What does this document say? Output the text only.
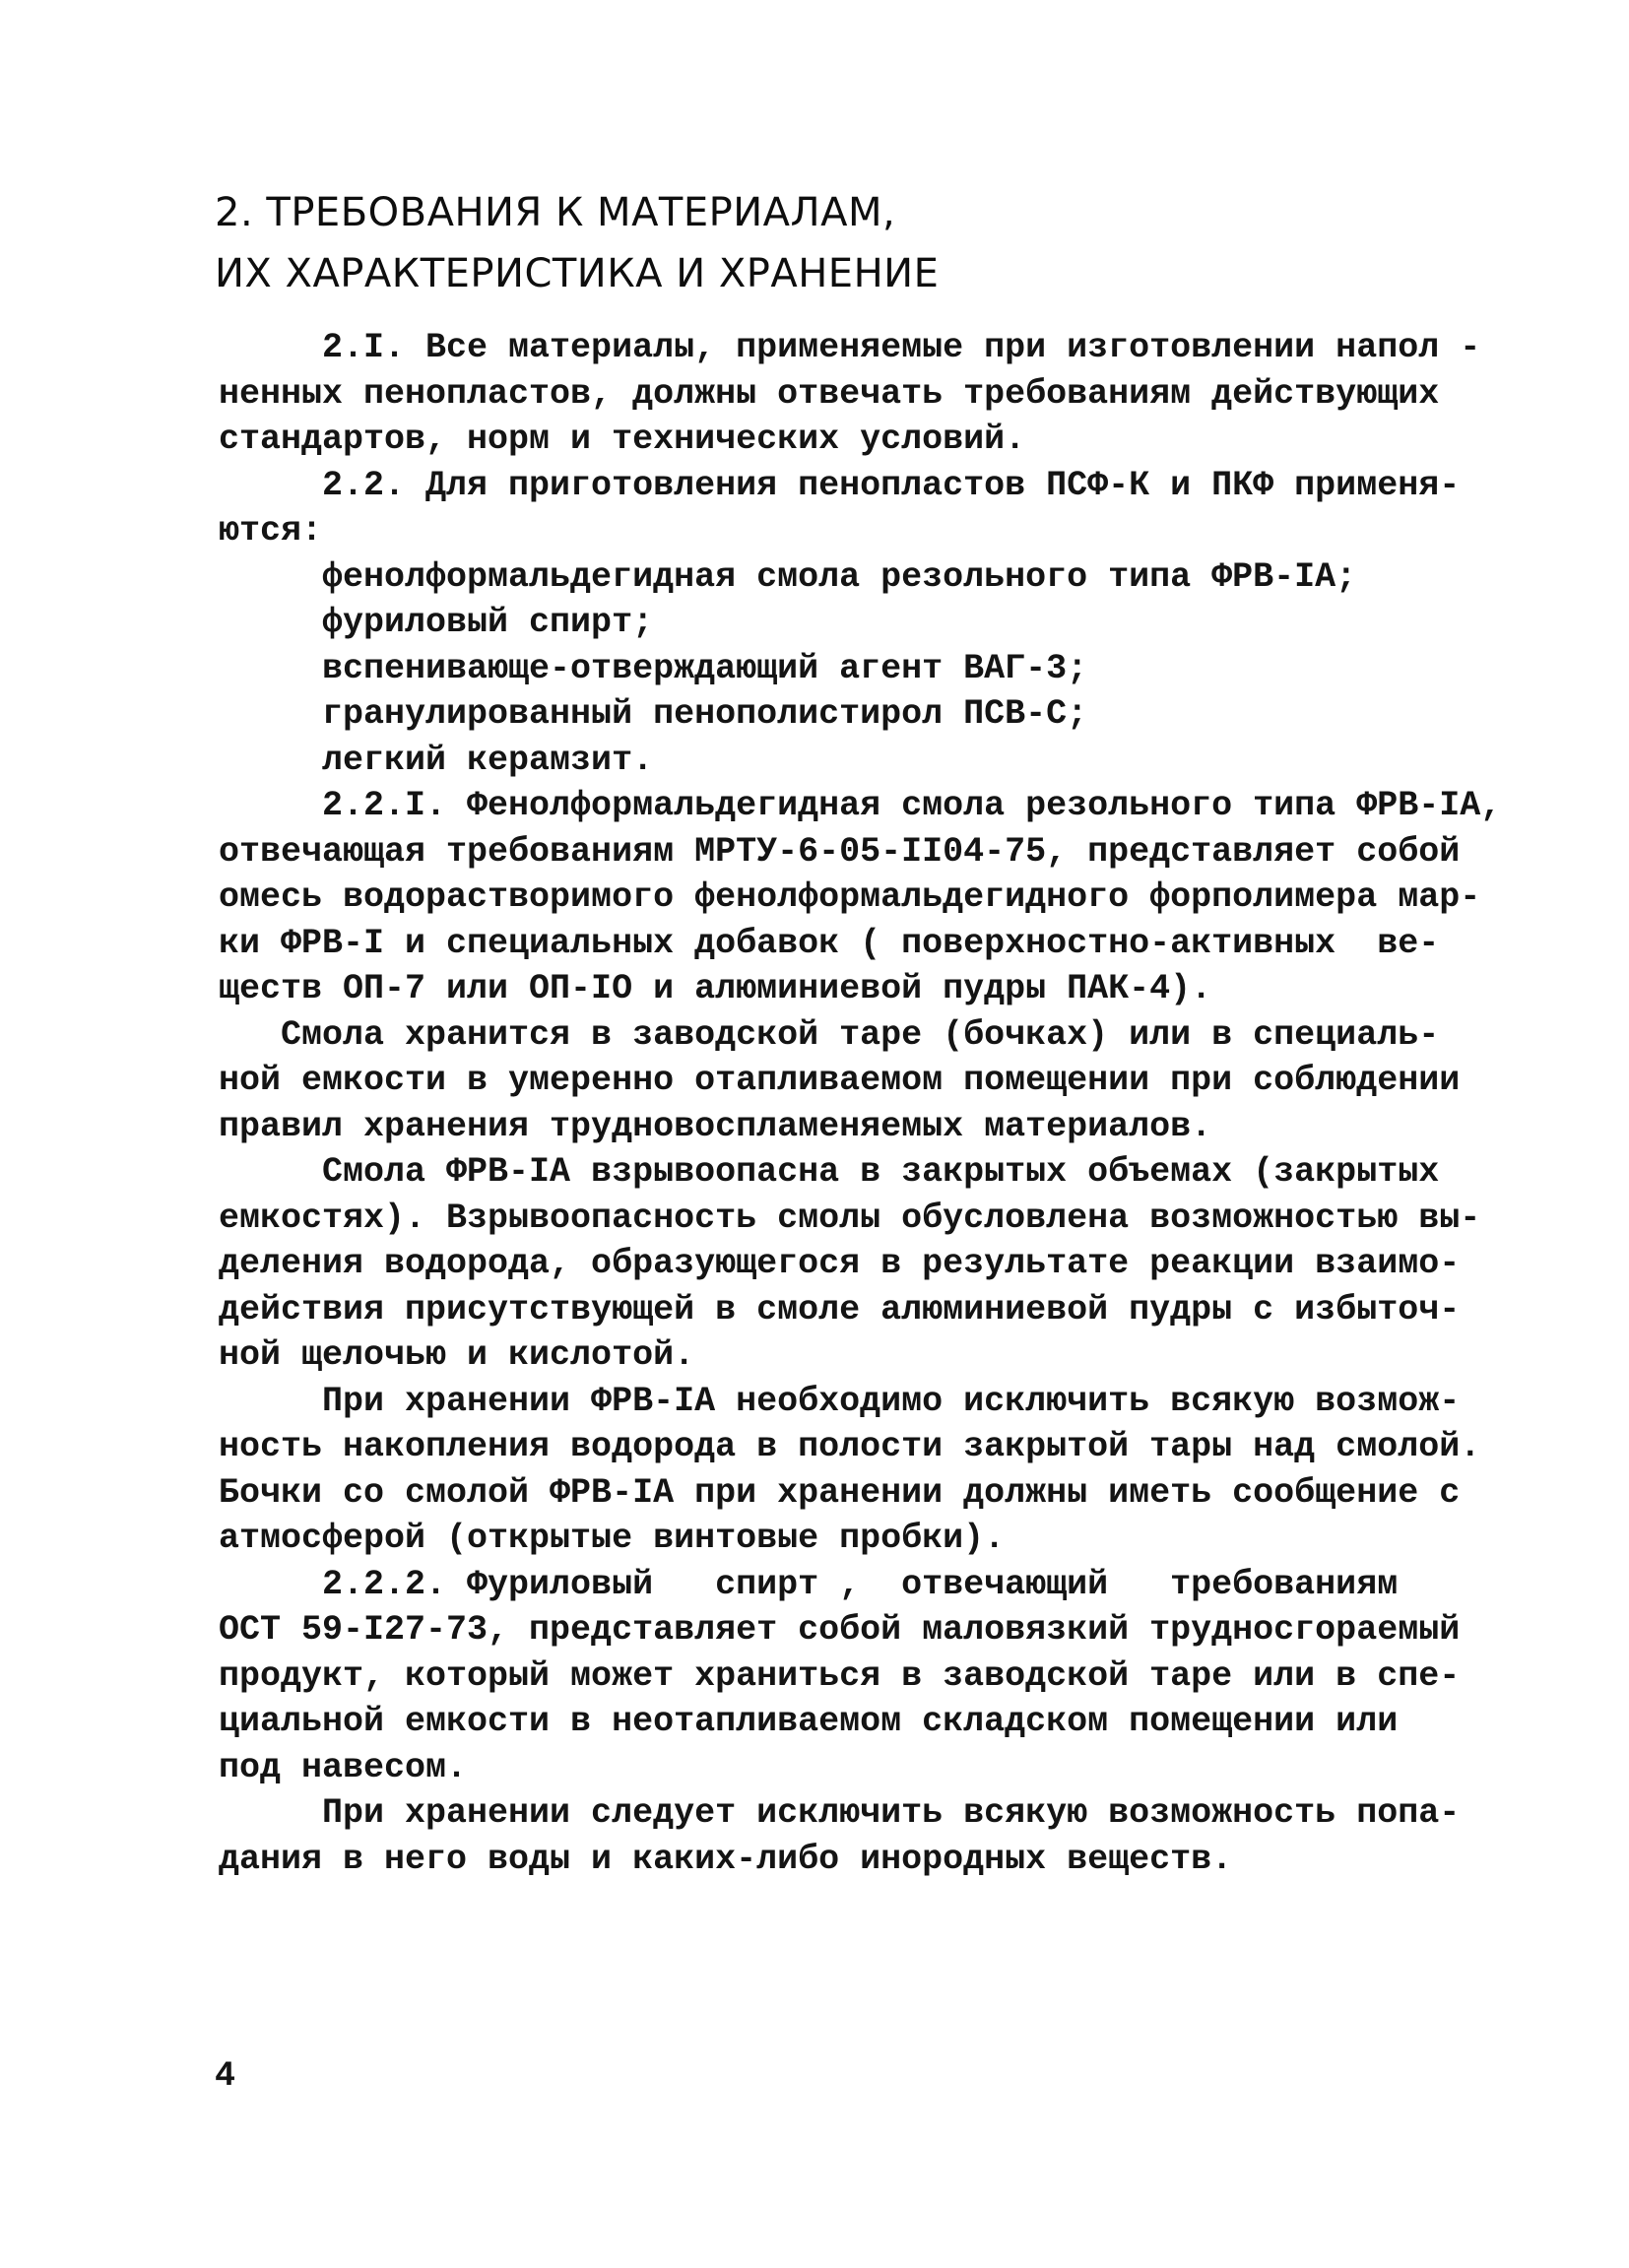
2. ТРЕБОВАНИЯ К МАТЕРИАЛАМ,
ИХ ХАРАКТЕРИСТИКА И ХРАНЕНИЕ
2.I. Все материалы, применяемые при изготовлении напол -
ненных пенопластов, должны отвечать требованиям действующих
стандартов, норм и технических условий.
2.2. Для приготовления пенопластов ПСФ-К и ПКФ применя-
ются:
фенолформальдегидная смола резольного типа ФРВ-IА;
фуриловый спирт;
вспенивающе-отверждающий агент ВАГ-3;
гранулированный пенополистирол ПСВ-С;
легкий керамзит.
2.2.I. Фенолформальдегидная смола резольного типа ФРВ-IА,
отвечающая требованиям МРТУ-6-05-II04-75, представляет собой
омесь водорастворимого фенолформальдегидного форполимера мар-
ки ФРВ-I и специальных добавок ( поверхностно-активных  ве-
ществ ОП-7 или ОП-IО и алюминиевой пудры ПАК-4).
Смола хранится в заводской таре (бочках) или в специаль-
ной емкости в умеренно отапливаемом помещении при соблюдении
правил хранения трудновоспламеняемых материалов.
Смола ФРВ-IА взрывоопасна в закрытых объемах (закрытых
емкостях). Взрывоопасность смолы обусловлена возможностью вы-
деления водорода, образующегося в результате реакции взаимо-
действия присутствующей в смоле алюминиевой пудры с избыточ-
ной щелочью и кислотой.
При хранении ФРВ-IА необходимо исключить всякую возмож-
ность накопления водорода в полости закрытой тары над смолой.
Бочки со смолой ФРВ-IА при хранении должны иметь сообщение с
атмосферой (открытые винтовые пробки).
2.2.2. Фуриловый   спирт ,  отвечающий   требованиям
ОСТ 59-I27-73, представляет собой маловязкий трудносгораемый
продукт, который может храниться в заводской таре или в спе-
циальной емкости в неотапливаемом складском помещении или
под навесом.
При хранении следует исключить всякую возможность попа-
дания в него воды и каких-либо инородных веществ.
4
